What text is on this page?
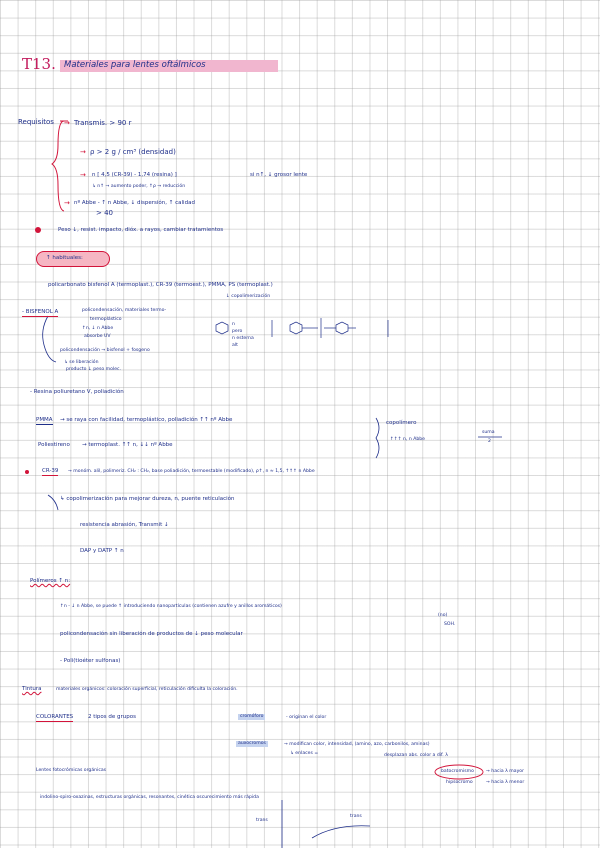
T13. Materiales para lentes oftálmicos
Requisitos → Transmis. > 90 r
→ ρ > 2 g / cm³ (densidad)
→ n [ 4,5 (CR-39) - 1,74 (resina) ]	si n↑, ↓ grosor lente
↳ n↑ → aumento poder, ↑ρ → reducción
→ nº Abbe - ↑ n Abbe, ↓ dispersión, ↑ calidad
> 40
Peso ↓, resist. impacto, dióx. a rayos, cambiar tratamientos
↑ habituales:
policarbonato bisfenol A (termoplast.), CR-39 (termoest.), PMMA, PS (termoplast.)
↓ copolimerización
- BISFENOL A	policondensación, materiales termo-
termoplástico
↑n, ↓ n Abbe
absorbe UV
n
pero
n esterna
alt
policondensación → bisfenol + fosgeno
↳ se liberación
producto ↓ peso molec.
- Resina poliuretano V, poliadición
PMMA → se raya con facilidad, termoplástico, poliadición ↑↑ nº Abbe
Poliestireno → termoplast. ↑↑ n, ↓↓ nº Abbe
copolímero
↑↑↑ n, n Abbe
suma
2
CR-39 → monóm. alil, polimeriz. CH₂ : CH₂, base poliadición, termoestable (modificado), ρ↑, n ≈ 1,5, ↑↑↑ n Abbe
↳ copolimerización para mejorar dureza, n, puente reticulación
resistencia abrasión, Transmit ↓
DAP y DATP ↑ n
Polímeros ↑ n:
↑n - ↓ n Abbe, se puede ↑ introduciendo nanopartículas (contienen azufre y anillos aromáticos)
(no)
SOH.
policondensación sin liberación de productos de ↓ peso molecular
- Poli(tioéter sulfonas)
Tintura	materiales orgánicos: coloración superficial, reticulación dificulta la coloración.
COLORANTES	2 tipos de grupos	cromóforo	- originan el color
auxocromos	→ modifican color, intensidad, (amino, azo, carbonilos, aminas)
↳ enlaces =	desplazan abs. color a dif. λ
Lentes fotocrómicas orgánicas	batocromismo	→ hacia λ mayor
hipsocromo	→ hacia λ menor
indolino-spiro-oxazinas, estructuras orgánicas, resonantes, cinética oscurecimiento más rápida
trans
trans
